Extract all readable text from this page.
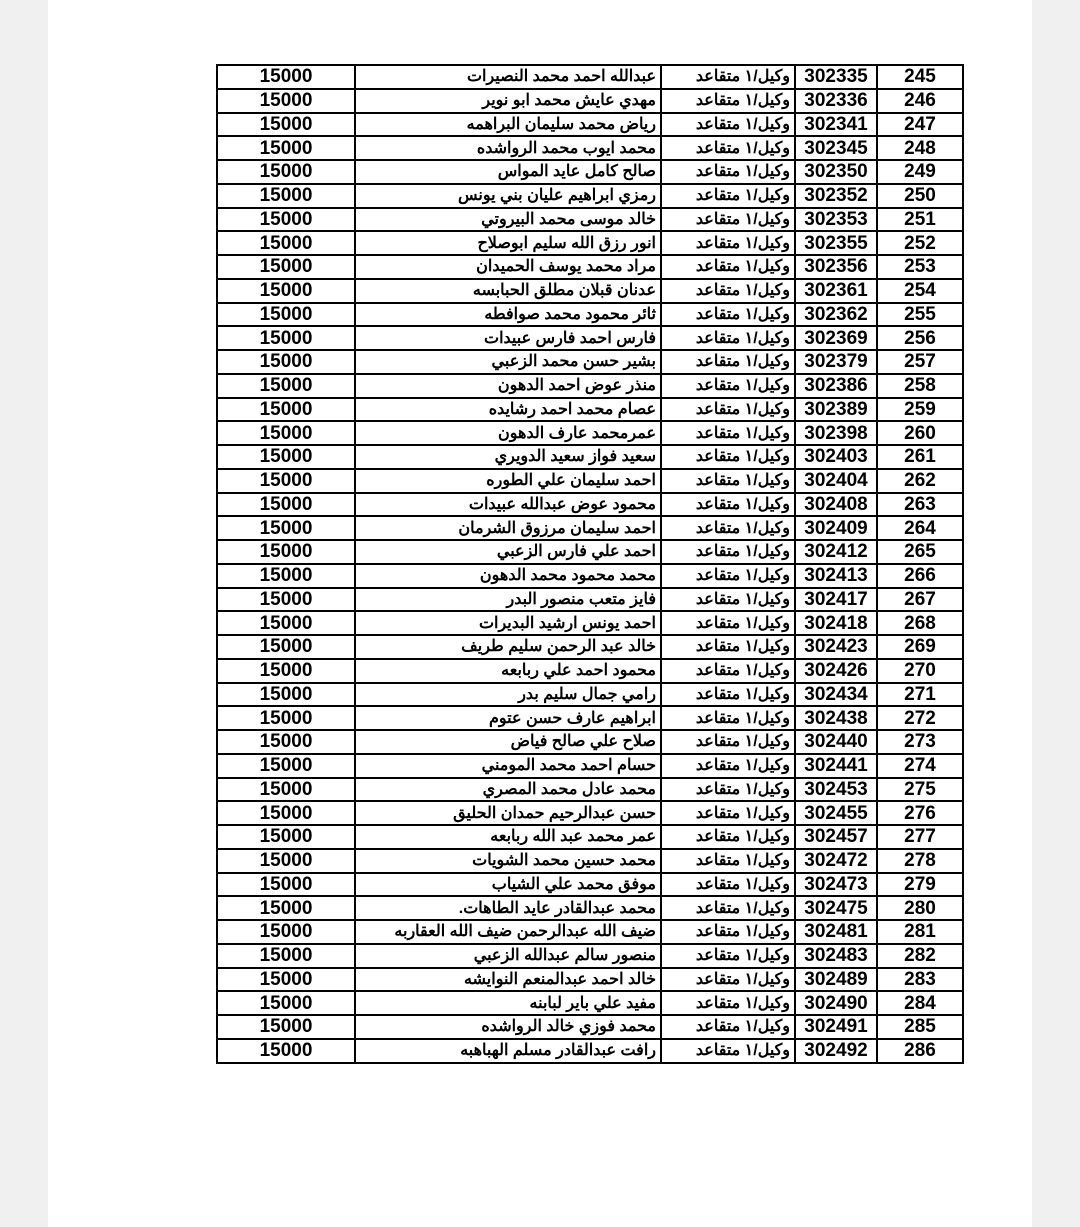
245	302335	وكيل/١ متقاعد	عبدالله احمد محمد النصيرات	15000
246	302336	وكيل/١ متقاعد	مهدي عايش محمد ابو نوير	15000
247	302341	وكيل/١ متقاعد	رياض محمد سليمان البراهمه	15000
248	302345	وكيل/١ متقاعد	محمد ايوب محمد الرواشده	15000
249	302350	وكيل/١ متقاعد	صالح كامل عايد المواس	15000
250	302352	وكيل/١ متقاعد	رمزي ابراهيم عليان بني يونس	15000
251	302353	وكيل/١ متقاعد	خالد موسى محمد البيروتي	15000
252	302355	وكيل/١ متقاعد	انور رزق الله سليم ابوصلاح	15000
253	302356	وكيل/١ متقاعد	مراد محمد يوسف الحميدان	15000
254	302361	وكيل/١ متقاعد	عدنان قبلان مطلق الحبابسه	15000
255	302362	وكيل/١ متقاعد	ثائر محمود محمد صوافطه	15000
256	302369	وكيل/١ متقاعد	فارس احمد فارس عبيدات	15000
257	302379	وكيل/١ متقاعد	بشير حسن محمد الزعبي	15000
258	302386	وكيل/١ متقاعد	منذر عوض احمد الدهون	15000
259	302389	وكيل/١ متقاعد	عصام محمد احمد رشايده	15000
260	302398	وكيل/١ متقاعد	عمرمحمد عارف الدهون	15000
261	302403	وكيل/١ متقاعد	سعيد فواز سعيد الدويري	15000
262	302404	وكيل/١ متقاعد	احمد سليمان علي الطوره	15000
263	302408	وكيل/١ متقاعد	محمود عوض عبدالله عبيدات	15000
264	302409	وكيل/١ متقاعد	احمد سليمان مرزوق الشرمان	15000
265	302412	وكيل/١ متقاعد	احمد علي فارس الزعبي	15000
266	302413	وكيل/١ متقاعد	محمد محمود محمد الدهون	15000
267	302417	وكيل/١ متقاعد	فايز متعب منصور البدر	15000
268	302418	وكيل/١ متقاعد	احمد يونس ارشيد البديرات	15000
269	302423	وكيل/١ متقاعد	خالد عبد الرحمن سليم طريف	15000
270	302426	وكيل/١ متقاعد	محمود احمد علي ربابعه	15000
271	302434	وكيل/١ متقاعد	رامي جمال سليم بدر	15000
272	302438	وكيل/١ متقاعد	ابراهيم عارف حسن عتوم	15000
273	302440	وكيل/١ متقاعد	صلاح علي صالح فياض	15000
274	302441	وكيل/١ متقاعد	حسام احمد محمد المومني	15000
275	302453	وكيل/١ متقاعد	محمد عادل محمد المصري	15000
276	302455	وكيل/١ متقاعد	حسن عبدالرحيم حمدان الحليق	15000
277	302457	وكيل/١ متقاعد	عمر محمد عبد الله ربابعه	15000
278	302472	وكيل/١ متقاعد	محمد حسين محمد الشويات	15000
279	302473	وكيل/١ متقاعد	موفق محمد علي الشياب	15000
280	302475	وكيل/١ متقاعد	محمد عبدالقادر عايد الطاهات.	15000
281	302481	وكيل/١ متقاعد	ضيف الله عبدالرحمن ضيف الله العقاربه	15000
282	302483	وكيل/١ متقاعد	منصور سالم عبدالله الزعبي	15000
283	302489	وكيل/١ متقاعد	خالد احمد عبدالمنعم النوايشه	15000
284	302490	وكيل/١ متقاعد	مفيد علي باير لبابنه	15000
285	302491	وكيل/١ متقاعد	محمد فوزي خالد الرواشده	15000
286	302492	وكيل/١ متقاعد	رافت عبدالقادر مسلم الهباهبه	15000
